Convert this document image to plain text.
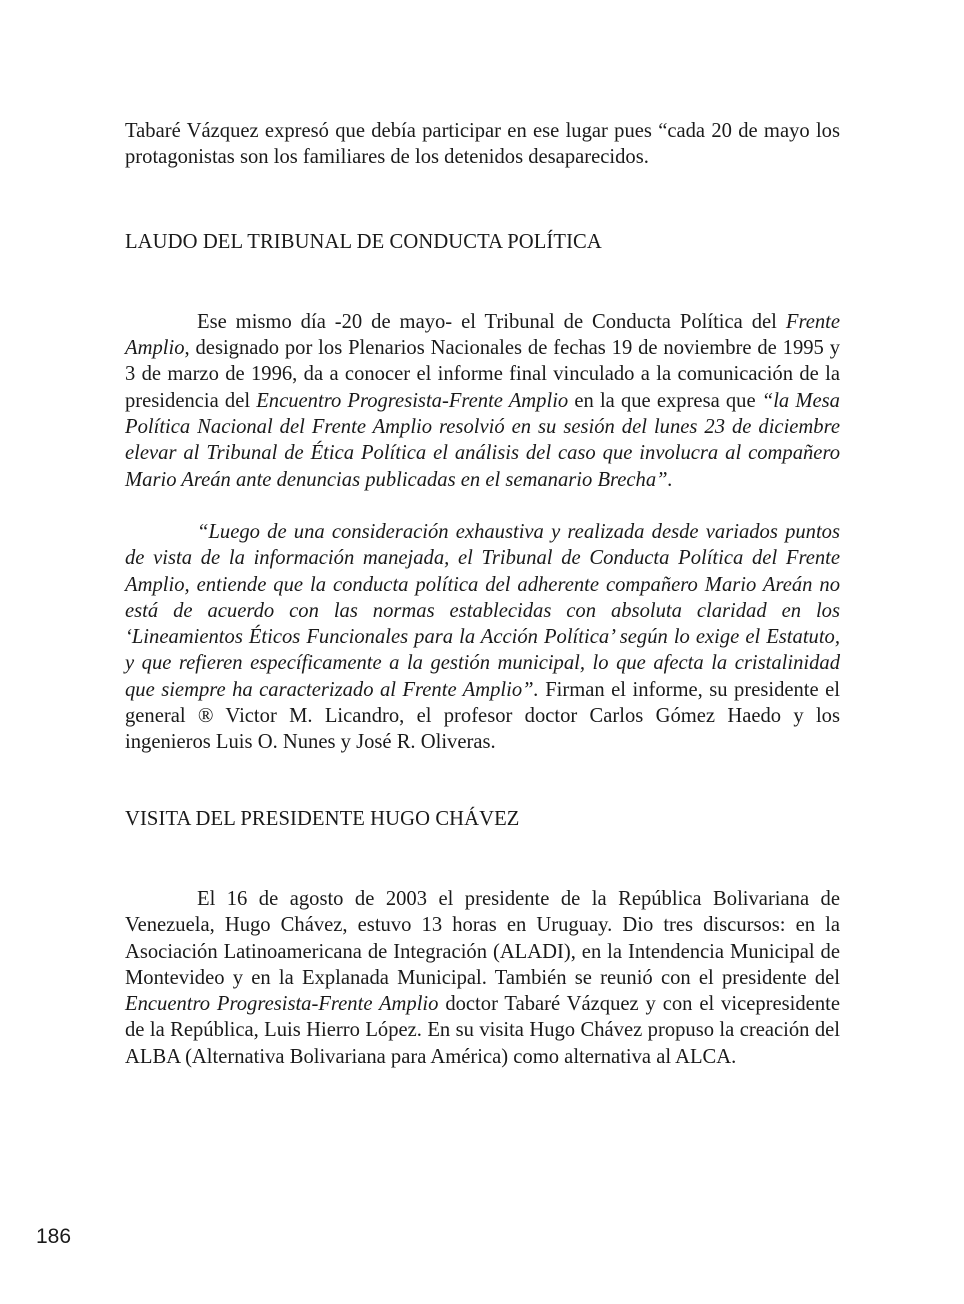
Tabaré Vázquez expresó que debía participar en ese lugar pues “cada 20 de mayo los protagonistas son los familiares de los detenidos desaparecidos.

LAUDO DEL TRIBUNAL DE CONDUCTA POLÍTICA

Ese mismo día -20 de mayo- el Tribunal de Conducta Política del Frente Amplio, designado por los Plenarios Nacionales de fechas 19 de noviembre de 1995 y 3 de marzo de 1996, da a conocer el informe final vinculado a la comunicación de la presidencia del Encuentro Progresista-Frente Amplio en la que expresa que “la Mesa Política Nacional del Frente Amplio resolvió en su sesión del lunes 23 de diciembre elevar al Tribunal de Ética Política el análisis del caso que involucra al compañero Mario Areán ante denuncias publicadas en el semanario Brecha”.

“Luego de una consideración exhaustiva y realizada desde variados puntos de vista de la información manejada, el Tribunal de Conducta Política del Frente Amplio, entiende que la conducta política del adherente compañero Mario Areán no está de acuerdo con las normas establecidas con absoluta claridad en los ‘Lineamientos Éticos Funcionales para la Acción Política’ según lo exige el Estatuto, y que refieren específicamente a la gestión municipal, lo que afecta la cristalinidad que siempre ha caracterizado al Frente Amplio”. Firman el informe, su presidente el general ® Victor M. Licandro, el profesor doctor Carlos Gómez Haedo y los ingenieros Luis O. Nunes y José R. Oliveras.

VISITA DEL PRESIDENTE HUGO CHÁVEZ

El 16 de agosto de 2003 el presidente de la República Bolivariana de Venezuela, Hugo Chávez, estuvo 13 horas en Uruguay. Dio tres discursos: en la Asociación Latinoamericana de Integración (ALADI), en la Intendencia Municipal de Montevideo y en la Explanada Municipal. También se reunió con el presidente del Encuentro Progresista-Frente Amplio doctor Tabaré Vázquez y con el vicepresidente de la República, Luis Hierro López. En su visita Hugo Chávez propuso la creación del ALBA (Alternativa Bolivariana para América) como alternativa al ALCA.

186
